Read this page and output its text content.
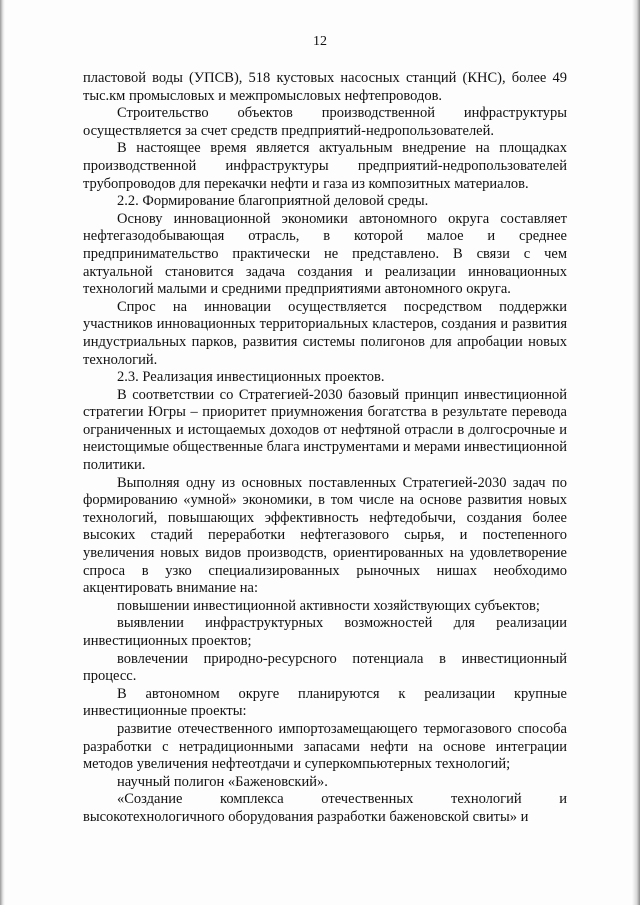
12

пластовой воды (УПСВ), 518 кустовых насосных станций (КНС), более 49 тыс.км промысловых и межпромысловых нефтепроводов.

Строительство объектов производственной инфраструктуры осуществляется за счет средств предприятий-недропользователей.

В настоящее время является актуальным внедрение на площадках производственной инфраструктуры предприятий-недропользователей трубопроводов для перекачки нефти и газа из композитных материалов.

2.2. Формирование благоприятной деловой среды.

Основу инновационной экономики автономного округа составляет нефтегазодобывающая отрасль, в которой малое и среднее предпринимательство практически не представлено. В связи с чем актуальной становится задача создания и реализации инновационных технологий малыми и средними предприятиями автономного округа.

Спрос на инновации осуществляется посредством поддержки участников инновационных территориальных кластеров, создания и развития индустриальных парков, развития системы полигонов для апробации новых технологий.

2.3. Реализация инвестиционных проектов.

В соответствии со Стратегией-2030 базовый принцип инвестиционной стратегии Югры – приоритет приумножения богатства в результате перевода ограниченных и истощаемых доходов от нефтяной отрасли в долгосрочные и неистощимые общественные блага инструментами и мерами инвестиционной политики.

Выполняя одну из основных поставленных Стратегией-2030 задач по формированию «умной» экономики, в том числе на основе развития новых технологий, повышающих эффективность нефтедобычи, создания более высоких стадий переработки нефтегазового сырья, и постепенного увеличения новых видов производств, ориентированных на удовлетворение спроса в узко специализированных рыночных нишах необходимо акцентировать внимание на:

повышении инвестиционной активности хозяйствующих субъектов;

выявлении инфраструктурных возможностей для реализации инвестиционных проектов;

вовлечении природно-ресурсного потенциала в инвестиционный процесс.

В автономном округе планируются к реализации крупные инвестиционные проекты:

развитие отечественного импортозамещающего термогазового способа разработки с нетрадиционными запасами нефти на основе интеграции методов увеличения нефтеотдачи и суперкомпьютерных технологий;

научный полигон «Баженовский».

«Создание комплекса отечественных технологий и высокотехнологичного оборудования разработки баженовской свиты» и
